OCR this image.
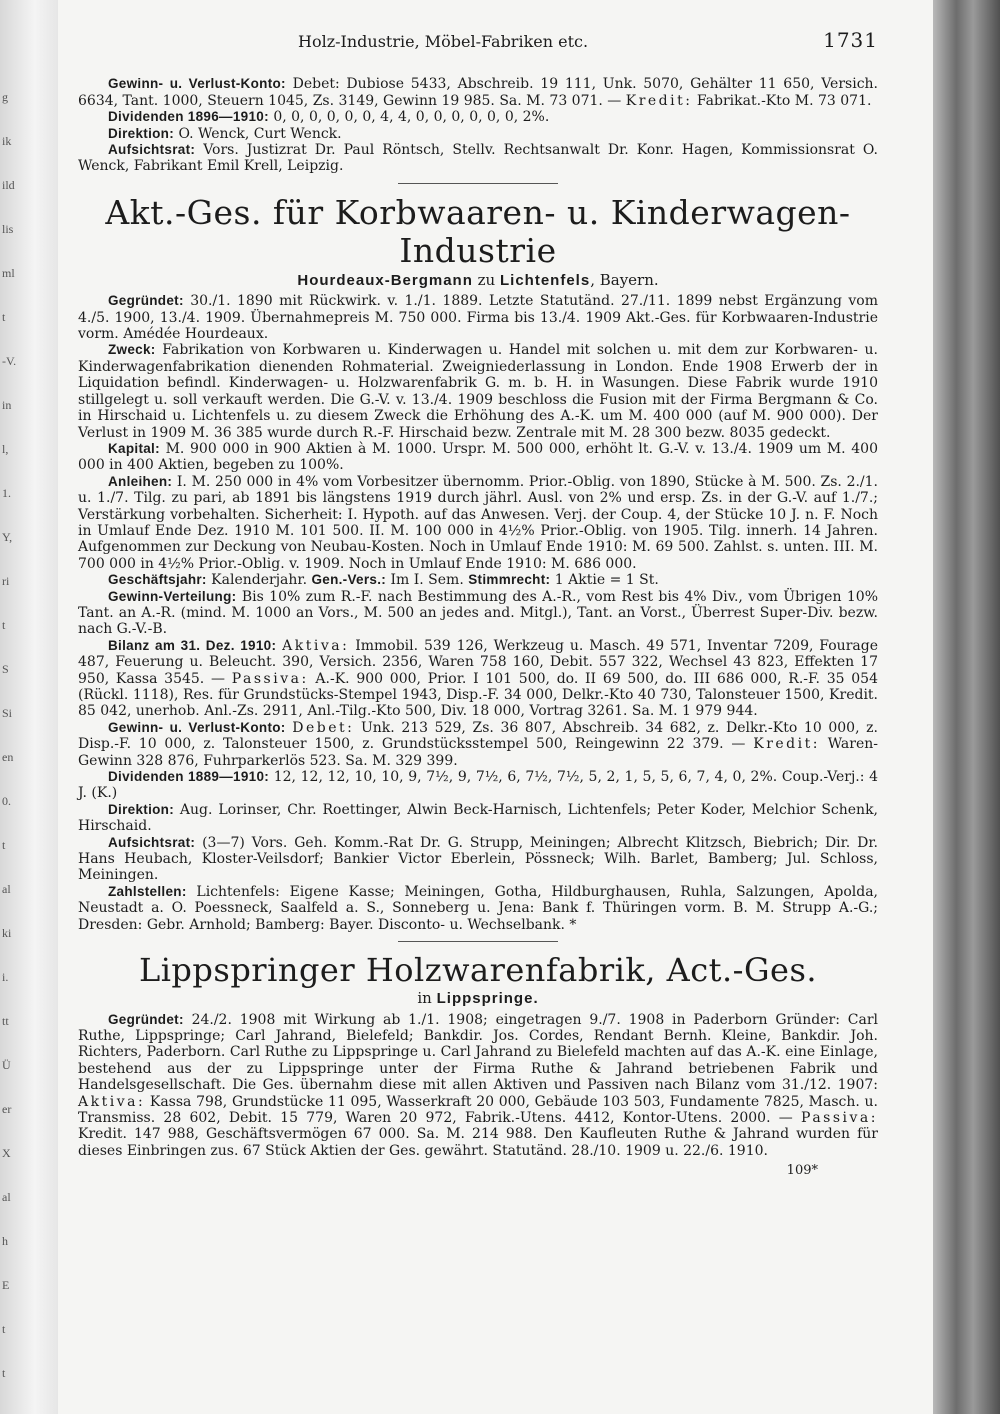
g
ik
ild
lis
ml
t
-V.
in
l,
1.
Y,
ri
t
S
Si
en
0.
t
al
ki
i.
tt
Ü
er
X
al
h
E
t
t
Holz-Industrie, Möbel-Fabriken etc.	1731

Gewinn- u. Verlust-Konto: Debet: Dubiose 5433, Abschreib. 19 111, Unk. 5070, Gehälter 11 650, Versich. 6634, Tant. 1000, Steuern 1045, Zs. 3149, Gewinn 19 985. Sa. M. 73 071. — Kredit: Fabrikat.-Kto M. 73 071.

Dividenden 1896—1910: 0, 0, 0, 0, 0, 0, 4, 4, 0, 0, 0, 0, 0, 0, 2%.

Direktion: O. Wenck, Curt Wenck.

Aufsichtsrat: Vors. Justizrat Dr. Paul Röntsch, Stellv. Rechtsanwalt Dr. Konr. Hagen, Kommissionsrat O. Wenck, Fabrikant Emil Krell, Leipzig.

Akt.-Ges. für Korbwaaren- u. Kinderwagen-Industrie
Hourdeaux-Bergmann zu Lichtenfels, Bayern.

Gegründet: 30./1. 1890 mit Rückwirk. v. 1./1. 1889. Letzte Statutänd. 27./11. 1899 nebst Ergänzung vom 4./5. 1900, 13./4. 1909. Übernahmepreis M. 750 000. Firma bis 13./4. 1909 Akt.-Ges. für Korbwaaren-Industrie vorm. Amédée Hourdeaux.

Zweck: Fabrikation von Korbwaren u. Kinderwagen u. Handel mit solchen u. mit dem zur Korbwaren- u. Kinderwagenfabrikation dienenden Rohmaterial. Zweigniederlassung in London. Ende 1908 Erwerb der in Liquidation befindl. Kinderwagen- u. Holzwarenfabrik G. m. b. H. in Wasungen. Diese Fabrik wurde 1910 stillgelegt u. soll verkauft werden. Die G.-V. v. 13./4. 1909 beschloss die Fusion mit der Firma Bergmann & Co. in Hirschaid u. Lichtenfels u. zu diesem Zweck die Erhöhung des A.-K. um M. 400 000 (auf M. 900 000). Der Verlust in 1909 M. 36 385 wurde durch R.-F. Hirschaid bezw. Zentrale mit M. 28 300 bezw. 8035 gedeckt.

Kapital: M. 900 000 in 900 Aktien à M. 1000. Urspr. M. 500 000, erhöht lt. G.-V. v. 13./4. 1909 um M. 400 000 in 400 Aktien, begeben zu 100%.

Anleihen: I. M. 250 000 in 4% vom Vorbesitzer übernomm. Prior.-Oblig. von 1890, Stücke à M. 500. Zs. 2./1. u. 1./7. Tilg. zu pari, ab 1891 bis längstens 1919 durch jährl. Ausl. von 2% und ersp. Zs. in der G.-V. auf 1./7.; Verstärkung vorbehalten. Sicherheit: I. Hypoth. auf das Anwesen. Verj. der Coup. 4, der Stücke 10 J. n. F. Noch in Umlauf Ende Dez. 1910 M. 101 500. II. M. 100 000 in 4½% Prior.-Oblig. von 1905. Tilg. innerh. 14 Jahren. Aufgenommen zur Deckung von Neubau-Kosten. Noch in Umlauf Ende 1910: M. 69 500. Zahlst. s. unten. III. M. 700 000 in 4½% Prior.-Oblig. v. 1909. Noch in Umlauf Ende 1910: M. 686 000.

Geschäftsjahr: Kalenderjahr. Gen.-Vers.: Im I. Sem. Stimmrecht: 1 Aktie = 1 St.

Gewinn-Verteilung: Bis 10% zum R.-F. nach Bestimmung des A.-R., vom Rest bis 4% Div., vom Übrigen 10% Tant. an A.-R. (mind. M. 1000 an Vors., M. 500 an jedes and. Mitgl.), Tant. an Vorst., Überrest Super-Div. bezw. nach G.-V.-B.

Bilanz am 31. Dez. 1910: Aktiva: Immobil. 539 126, Werkzeug u. Masch. 49 571, Inventar 7209, Fourage 487, Feuerung u. Beleucht. 390, Versich. 2356, Waren 758 160, Debit. 557 322, Wechsel 43 823, Effekten 17 950, Kassa 3545. — Passiva: A.-K. 900 000, Prior. I 101 500, do. II 69 500, do. III 686 000, R.-F. 35 054 (Rückl. 1118), Res. für Grundstücks-Stempel 1943, Disp.-F. 34 000, Delkr.-Kto 40 730, Talonsteuer 1500, Kredit. 85 042, unerhob. Anl.-Zs. 2911, Anl.-Tilg.-Kto 500, Div. 18 000, Vortrag 3261. Sa. M. 1 979 944.

Gewinn- u. Verlust-Konto: Debet: Unk. 213 529, Zs. 36 807, Abschreib. 34 682, z. Delkr.-Kto 10 000, z. Disp.-F. 10 000, z. Talonsteuer 1500, z. Grundstücksstempel 500, Reingewinn 22 379. — Kredit: Waren-Gewinn 328 876, Fuhrparkerlös 523. Sa. M. 329 399.

Dividenden 1889—1910: 12, 12, 12, 10, 10, 9, 7½, 9, 7½, 6, 7½, 7½, 5, 2, 1, 5, 5, 6, 7, 4, 0, 2%. Coup.-Verj.: 4 J. (K.)

Direktion: Aug. Lorinser, Chr. Roettinger, Alwin Beck-Harnisch, Lichtenfels; Peter Koder, Melchior Schenk, Hirschaid.

Aufsichtsrat: (3—7) Vors. Geh. Komm.-Rat Dr. G. Strupp, Meiningen; Albrecht Klitzsch, Biebrich; Dir. Dr. Hans Heubach, Kloster-Veilsdorf; Bankier Victor Eberlein, Pössneck; Wilh. Barlet, Bamberg; Jul. Schloss, Meiningen.

Zahlstellen: Lichtenfels: Eigene Kasse; Meiningen, Gotha, Hildburghausen, Ruhla, Salzungen, Apolda, Neustadt a. O. Poessneck, Saalfeld a. S., Sonneberg u. Jena: Bank f. Thüringen vorm. B. M. Strupp A.-G.; Dresden: Gebr. Arnhold; Bamberg: Bayer. Disconto- u. Wechselbank. *

Lippspringer Holzwarenfabrik, Act.-Ges.
in Lippspringe.

Gegründet: 24./2. 1908 mit Wirkung ab 1./1. 1908; eingetragen 9./7. 1908 in Paderborn Gründer: Carl Ruthe, Lippspringe; Carl Jahrand, Bielefeld; Bankdir. Jos. Cordes, Rendant Bernh. Kleine, Bankdir. Joh. Richters, Paderborn. Carl Ruthe zu Lippspringe u. Carl Jahrand zu Bielefeld machten auf das A.-K. eine Einlage, bestehend aus der zu Lippspringe unter der Firma Ruthe & Jahrand betriebenen Fabrik und Handelsgesellschaft. Die Ges. übernahm diese mit allen Aktiven und Passiven nach Bilanz vom 31./12. 1907: Aktiva: Kassa 798, Grundstücke 11 095, Wasserkraft 20 000, Gebäude 103 503, Fundamente 7825, Masch. u. Transmiss. 28 602, Debit. 15 779, Waren 20 972, Fabrik.-Utens. 4412, Kontor-Utens. 2000. — Passiva: Kredit. 147 988, Geschäftsvermögen 67 000. Sa. M. 214 988. Den Kaufleuten Ruthe & Jahrand wurden für dieses Einbringen zus. 67 Stück Aktien der Ges. gewährt. Statutänd. 28./10. 1909 u. 22./6. 1910.

109*
